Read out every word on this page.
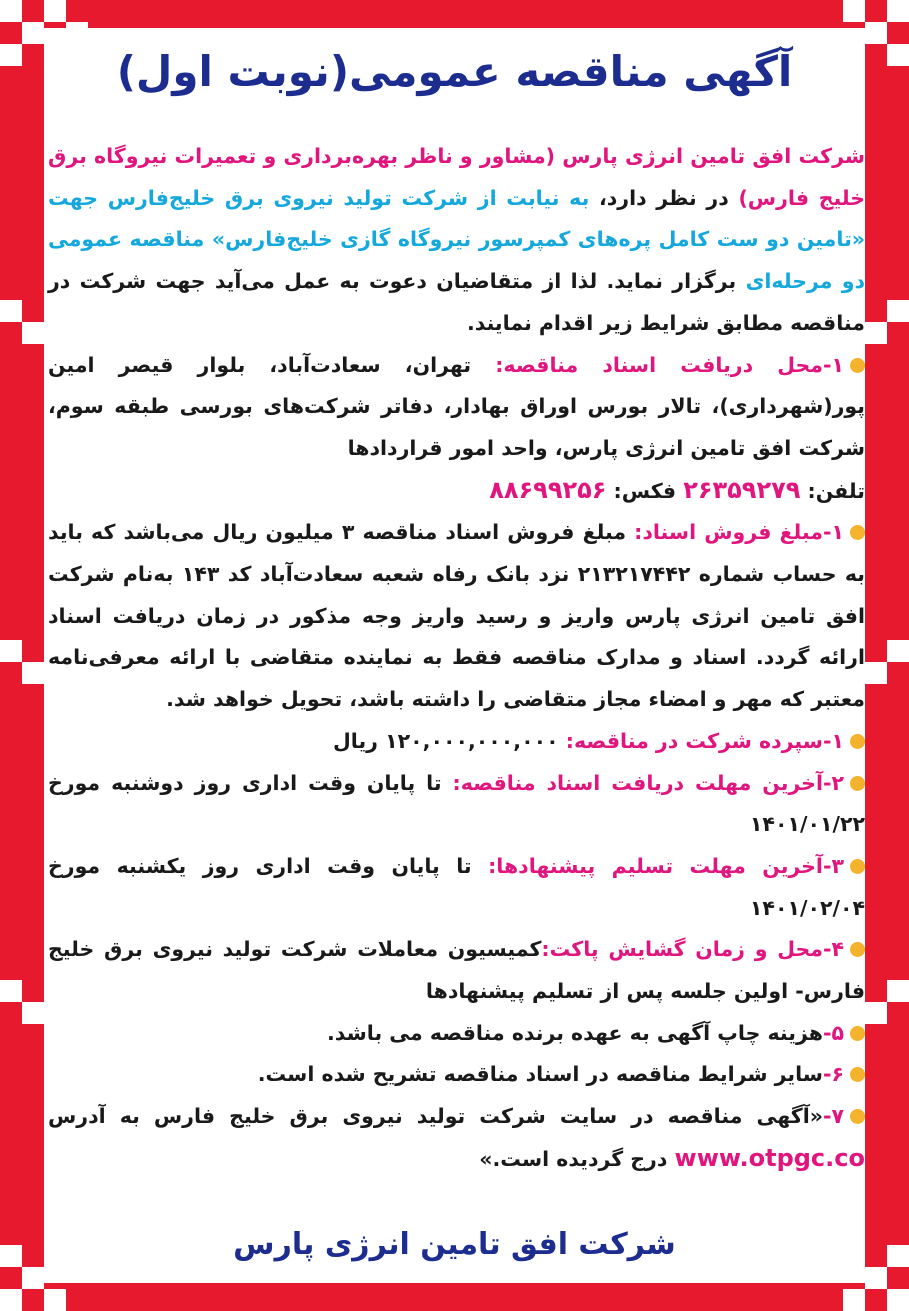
آگهی مناقصه عمومی(نوبت اول)

شرکت افق تامین انرژی پارس (مشاور و ناظر بهره‌برداری و تعمیرات نیروگاه برق خلیج فارس) در نظر دارد، به نیابت از شرکت تولید نیروی برق خلیج‌فارس جهت «تامین دو ست کامل پره‌های کمپرسور نیروگاه گازی خلیج‌فارس» مناقصه عمومی دو مرحله‌ای برگزار نماید. لذا از متقاضیان دعوت به عمل می‌آید جهت شرکت در مناقصه مطابق شرایط زیر اقدام نمایند.

۱-محل دریافت اسناد مناقصه: تهران، سعادت‌آباد، بلوار قیصر امین پور(شهرداری)، تالار بورس اوراق بهادار، دفاتر شرکت‌های بورسی طبقه سوم، شرکت افق تامین انرژی پارس، واحد امور قراردادها
تلفن: ۲۶۳۵۹۲۷۹ فکس: ۸۸۶۹۹۲۵۶

۱-مبلغ فروش اسناد: مبلغ فروش اسناد مناقصه ۳ میلیون ریال می‌باشد که باید به حساب شماره ۲۱۳۲۱۷۴۴۲ نزد بانک رفاه شعبه سعادت‌آباد کد ۱۴۳ به‌نام شرکت افق تامین انرژی پارس واریز و رسید واریز وجه مذکور در زمان دریافت اسناد ارائه گردد. اسناد و مدارک مناقصه فقط به نماینده متقاضی با ارائه معرفی‌نامه معتبر که مهر و امضاء مجاز متقاضی را داشته باشد، تحویل خواهد شد.

۱-سپرده شرکت در مناقصه: ۱۲۰,۰۰۰,۰۰۰,۰۰۰ ریال

۲-آخرین مهلت دریافت اسناد مناقصه: تا پایان وقت اداری روز دوشنبه مورخ ۱۴۰۱/۰۱/۲۲

۳-آخرین مهلت تسلیم پیشنهادها: تا پایان وقت اداری روز یکشنبه مورخ ۱۴۰۱/۰۲/۰۴

۴-محل و زمان گشایش پاکت:کمیسیون معاملات شرکت تولید نیروی برق خلیج فارس- اولین جلسه پس از تسلیم پیشنهادها

۵-هزینه چاپ آگهی به عهده برنده مناقصه می باشد.

۶-سایر شرایط مناقصه در اسناد مناقصه تشریح شده است.

۷-«آگهی مناقصه در سایت شرکت تولید نیروی برق خلیج فارس به آدرس www.otpgc.co درج گردیده است.»

شرکت افق تامین انرژی پارس
